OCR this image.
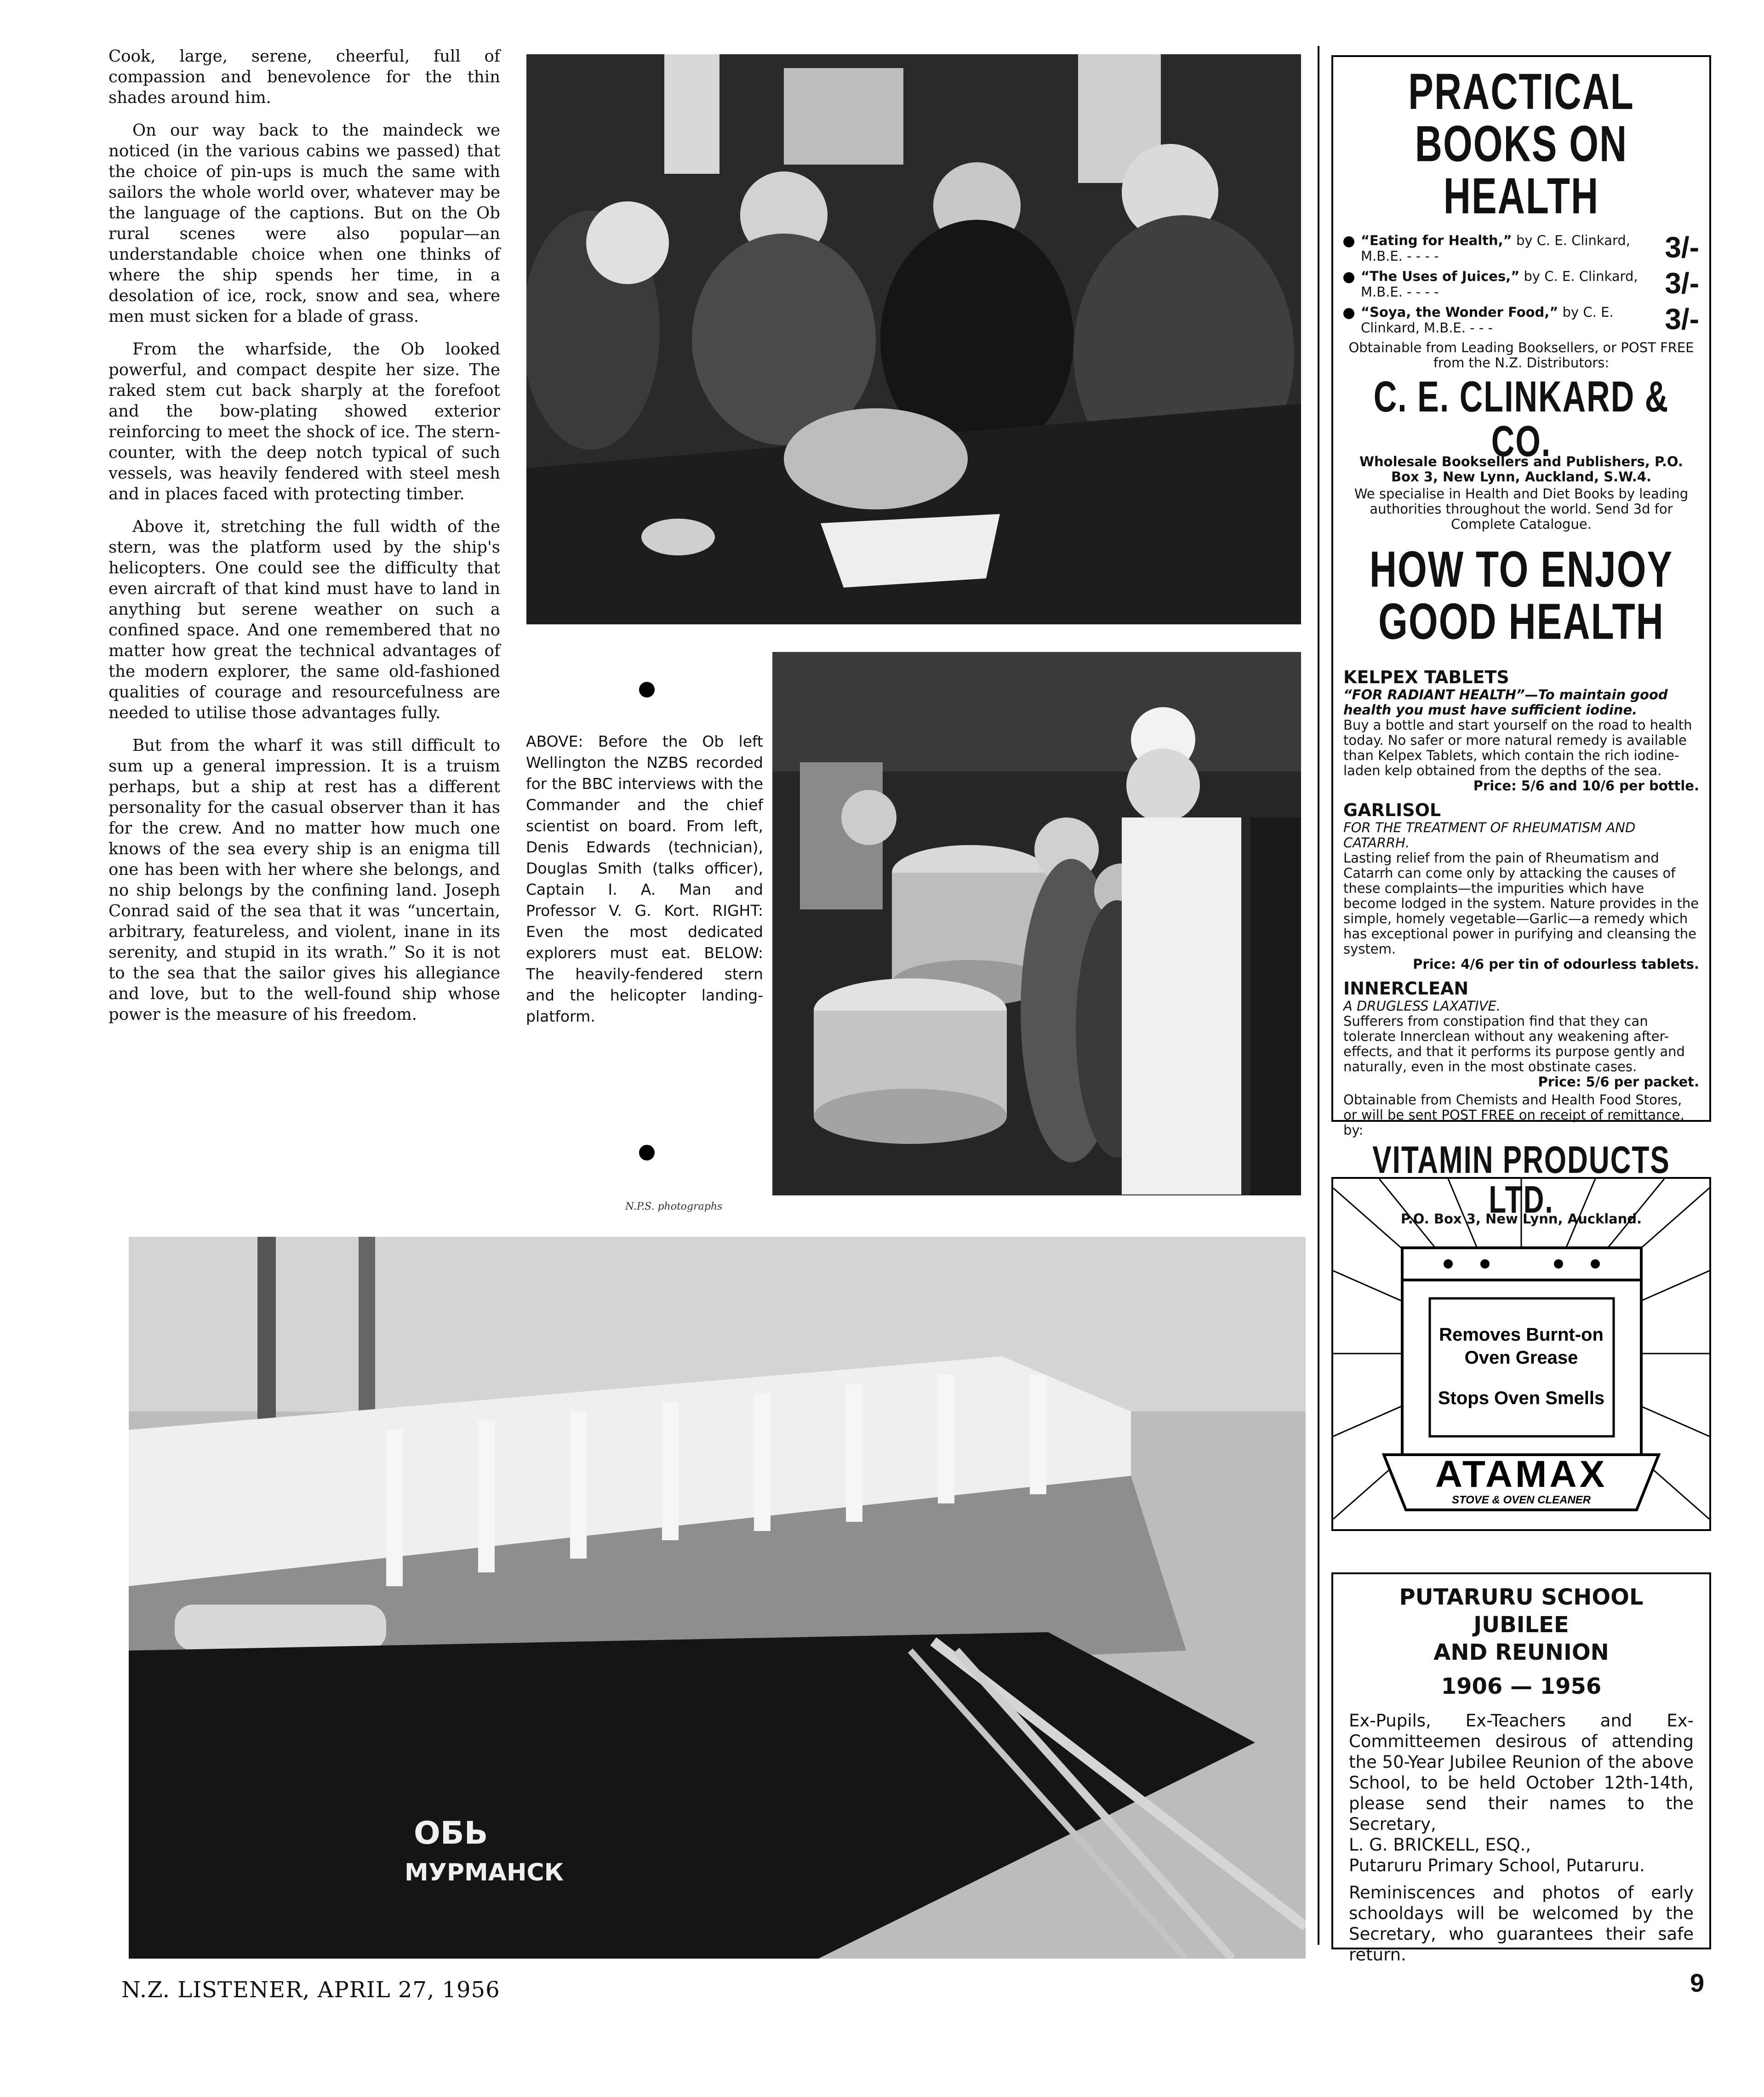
Cook, large, serene, cheerful, full of compassion and benevolence for the thin shades around him.

On our way back to the maindeck we noticed (in the various cabins we passed) that the choice of pin-ups is much the same with sailors the whole world over, whatever may be the language of the captions. But on the Ob rural scenes were also popular—an understandable choice when one thinks of where the ship spends her time, in a desolation of ice, rock, snow and sea, where men must sicken for a blade of grass.

From the wharfside, the Ob looked powerful, and compact despite her size. The raked stem cut back sharply at the forefoot and the bow-plating showed exterior reinforcing to meet the shock of ice. The stern-counter, with the deep notch typical of such vessels, was heavily fendered with steel mesh and in places faced with protecting timber.

Above it, stretching the full width of the stern, was the platform used by the ship's helicopters. One could see the difficulty that even aircraft of that kind must have to land in anything but serene weather on such a confined space. And one remembered that no matter how great the technical advantages of the modern explorer, the same old-fashioned qualities of courage and resourcefulness are needed to utilise those advantages fully.

But from the wharf it was still difficult to sum up a general impression. It is a truism perhaps, but a ship at rest has a different personality for the casual observer than it has for the crew. And no matter how much one knows of the sea every ship is an enigma till one has been with her where she belongs, and no ship belongs by the confining land. Joseph Conrad said of the sea that it was “uncertain, arbitrary, featureless, and violent, inane in its serenity, and stupid in its wrath.” So it is not to the sea that the sailor gives his allegiance and love, but to the well-found ship whose power is the measure of his freedom.

ABOVE: Before the Ob left Wellington the NZBS recorded for the BBC interviews with the Commander and the chief scientist on board. From left, Denis Edwards (technician), Douglas Smith (talks officer), Captain I. A. Man and Professor V. G. Kort. RIGHT: Even the most dedicated explorers must eat. BELOW: The heavily-fendered stern and the helicopter landing-platform.
N.P.S. photographs
ОБЬ
МУРМАНСК
PRACTICAL BOOKS ON HEALTH
“Eating for Health,” by C. E. Clinkard, M.B.E. - - - -	3/-
“The Uses of Juices,” by C. E. Clinkard, M.B.E. - - - -	3/-
“Soya, the Wonder Food,” by C. E. Clinkard, M.B.E. - - -	3/-
Obtainable from Leading Booksellers, or POST FREE from the N.Z. Distributors:
C. E. CLINKARD & CO.
Wholesale Booksellers and Publishers, P.O. Box 3, New Lynn, Auckland, S.W.4.
We specialise in Health and Diet Books by leading authorities throughout the world. Send 3d for Complete Catalogue.
HOW TO ENJOY GOOD HEALTH
KELPEX TABLETS
“FOR RADIANT HEALTH”—To maintain good health you must have sufficient iodine.
Buy a bottle and start yourself on the road to health today. No safer or more natural remedy is available than Kelpex Tablets, which contain the rich iodine-laden kelp obtained from the depths of the sea.
Price: 5/6 and 10/6 per bottle.
GARLISOL
FOR THE TREATMENT OF RHEUMATISM AND CATARRH.
Lasting relief from the pain of Rheumatism and Catarrh can come only by attacking the causes of these complaints—the impurities which have become lodged in the system. Nature provides in the simple, homely vegetable—Garlic—a remedy which has exceptional power in purifying and cleansing the system.
Price: 4/6 per tin of odourless tablets.
INNERCLEAN
A DRUGLESS LAXATIVE.
Sufferers from constipation find that they can tolerate Innerclean without any weakening after-effects, and that it performs its purpose gently and naturally, even in the most obstinate cases.
Price: 5/6 per packet.
Obtainable from Chemists and Health Food Stores, or will be sent POST FREE on receipt of remittance, by:
VITAMIN PRODUCTS LTD.
P.O. Box 3, New Lynn, Auckland.
Removes Burnt-on Oven Grease
Stops Oven Smells
ATAMAX
STOVE & OVEN CLEANER
PUTARURU SCHOOL JUBILEE
AND REUNION
1906 — 1956
Ex-Pupils, Ex-Teachers and Ex-Committeemen desirous of attending the 50-Year Jubilee Reunion of the above School, to be held October 12th-14th, please send their names to the Secretary,
L. G. BRICKELL, ESQ.,
Putaruru Primary School, Putaruru.
Reminiscences and photos of early schooldays will be welcomed by the Secretary, who guarantees their safe return.
N.Z. LISTENER, APRIL 27, 1956	9
